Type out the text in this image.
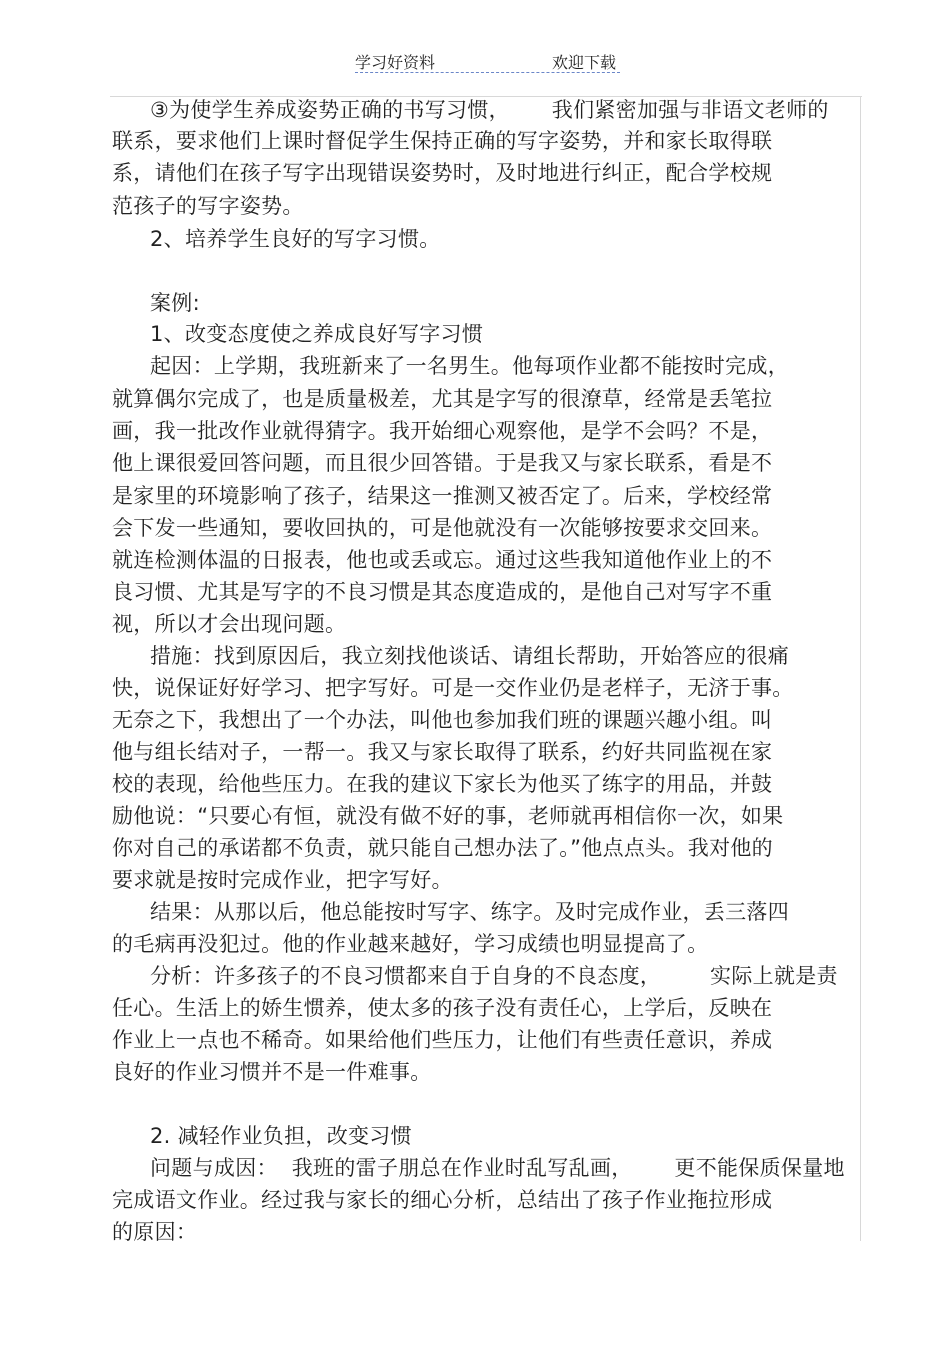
学习好资料	欢迎下载
③为使学生养成姿势正确的书写习惯，      我们紧密加强与非语文老师的
联系，要求他们上课时督促学生保持正确的写字姿势，并和家长取得联
系，请他们在孩子写字出现错误姿势时，及时地进行纠正，配合学校规
范孩子的写字姿势。
2、培养学生良好的写字习惯。
案例:
1、改变态度使之养成良好写字习惯
起因：上学期，我班新来了一名男生。他每项作业都不能按时完成，
就算偶尔完成了，也是质量极差，尤其是字写的很潦草，经常是丢笔拉
画，我一批改作业就得猜字。我开始细心观察他，是学不会吗？不是，
他上课很爱回答问题，而且很少回答错。于是我又与家长联系，看是不
是家里的环境影响了孩子，结果这一推测又被否定了。后来，学校经常
会下发一些通知，要收回执的，可是他就没有一次能够按要求交回来。
就连检测体温的日报表，他也或丢或忘。通过这些我知道他作业上的不
良习惯、尤其是写字的不良习惯是其态度造成的，是他自己对写字不重
视，所以才会出现问题。
措施：找到原因后，我立刻找他谈话、请组长帮助，开始答应的很痛
快，说保证好好学习、把字写好。可是一交作业仍是老样子，无济于事。
无奈之下，我想出了一个办法，叫他也参加我们班的课题兴趣小组。叫
他与组长结对子，一帮一。我又与家长取得了联系，约好共同监视在家
校的表现，给他些压力。在我的建议下家长为他买了练字的用品，并鼓
励他说：“只要心有恒，就没有做不好的事，老师就再相信你一次，如果
你对自己的承诺都不负责，就只能自己想办法了。”他点点头。我对他的
要求就是按时完成作业，把字写好。
结果：从那以后，他总能按时写字、练字。及时完成作业，丢三落四
的毛病再没犯过。他的作业越来越好，学习成绩也明显提高了。
分析：许多孩子的不良习惯都来自于自身的不良态度，       实际上就是责
任心。生活上的娇生惯养，使太多的孩子没有责任心，上学后，反映在
作业上一点也不稀奇。如果给他们些压力，让他们有些责任意识，养成
良好的作业习惯并不是一件难事。
2. 减轻作业负担，改变习惯
问题与成因：  我班的雷子朋总在作业时乱写乱画，      更不能保质保量地
完成语文作业。经过我与家长的细心分析，总结出了孩子作业拖拉形成
的原因：
